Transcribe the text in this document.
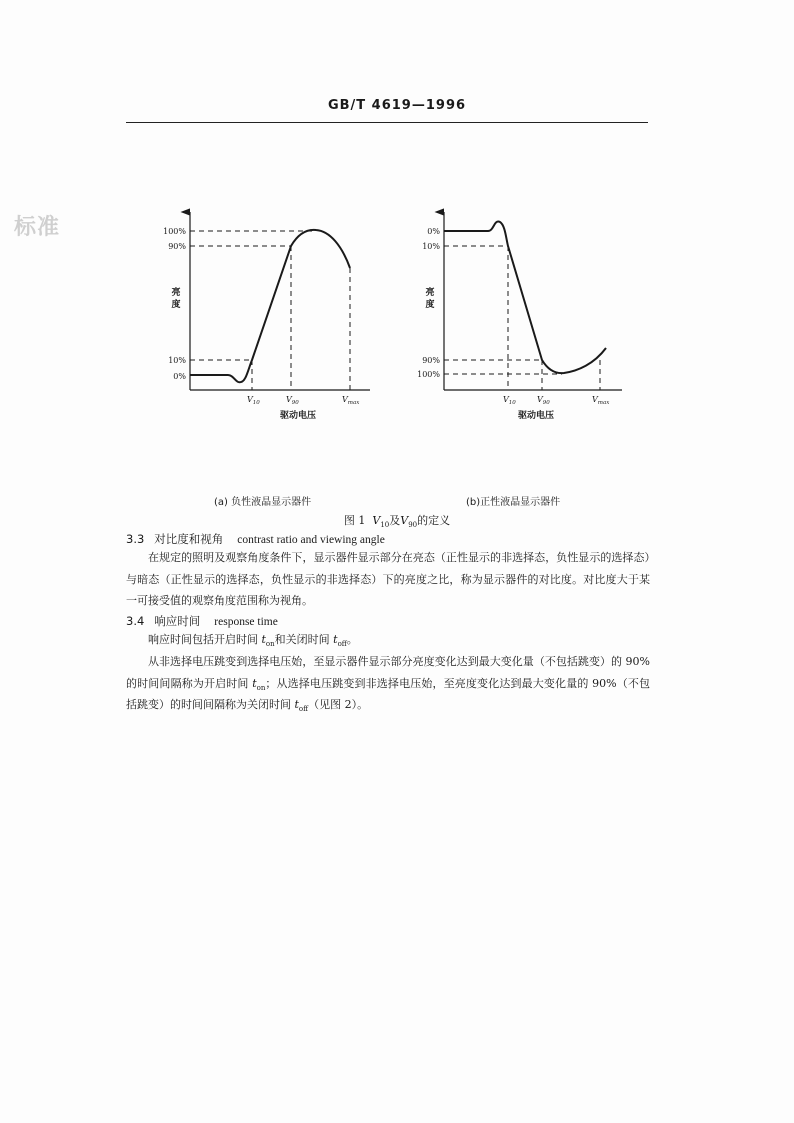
GB/T 4619—1996
标准	100%
90%
10%
0%
亮度
$V_{10}$	$V_{90}$	$V_{max}$
驱动电压
0%
10%
90%
100%
亮度
$V_{10}$	$V_{90}$	$V_{max}$
驱动电压
(a) 负性液晶显示器件	(b)正性液晶显示器件
图 1 $V_{10}$及$V_{90}$的定义
3.3 对比度和视角 contrast ratio and viewing angle
在规定的照明及观察角度条件下，显示器件显示部分在亮态（正性显示的非选择态，负性显示的选择态）与暗态（正性显示的选择态，负性显示的非选择态）下的亮度之比，称为显示器件的对比度。对比度大于某一可接受值的观察角度范围称为视角。
3.4 响应时间 response time
响应时间包括开启时间 $t_{on}$和关闭时间 $t_{off}$。
从非选择电压跳变到选择电压始，至显示器件显示部分亮度变化达到最大变化量（不包括跳变）的 90%的时间间隔称为开启时间 $t_{on}$；从选择电压跳变到非选择电压始，至亮度变化达到最大变化量的 90%（不包括跳变）的时间间隔称为关闭时间 $t_{off}$（见图 2）。
